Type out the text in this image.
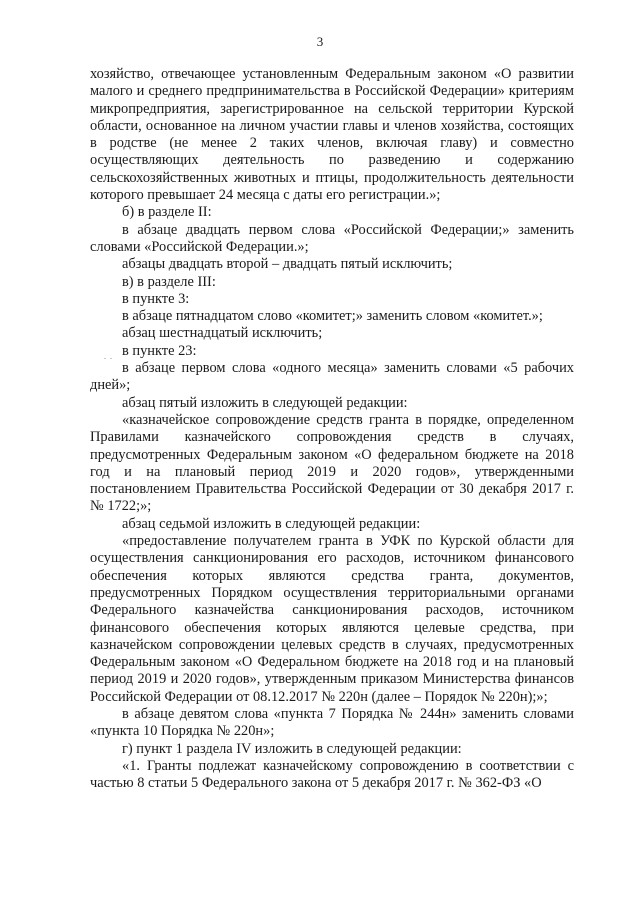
3
. .

хозяйство, отвечающее установленным Федеральным законом «О развитии малого и среднего предпринимательства в Российской Федерации» критериям микропредприятия, зарегистрированное на сельской территории Курской области, основанное на личном участии главы и членов хозяйства, состоящих в родстве (не менее 2 таких членов, включая главу) и совместно осуществляющих деятельность по разведению и содержанию сельскохозяйственных животных и птицы, продолжительность деятельности которого превышает 24 месяца с даты его регистрации.»;

б) в разделе II:

в абзаце двадцать первом слова «Российской Федерации;» заменить словами «Российской Федерации.»;

абзацы двадцать второй – двадцать пятый исключить;

в) в разделе III:

в пункте 3:

в абзаце пятнадцатом слово «комитет;» заменить словом «комитет.»;

абзац шестнадцатый исключить;

в пункте 23:

в абзаце первом слова «одного месяца» заменить словами «5 рабочих дней»;

абзац пятый изложить в следующей редакции:

«казначейское сопровождение средств гранта в порядке, определенном Правилами казначейского сопровождения средств в случаях, предусмотренных Федеральным законом «О федеральном бюджете на 2018 год и на плановый период 2019 и 2020 годов», утвержденными постановлением Правительства Российской Федерации от 30 декабря 2017 г. № 1722;»;

абзац седьмой изложить в следующей редакции:

«предоставление получателем гранта в УФК по Курской области для осуществления санкционирования его расходов, источником финансового обеспечения которых являются средства гранта, документов, предусмотренных Порядком осуществления территориальными органами Федерального казначейства санкционирования расходов, источником финансового обеспечения которых являются целевые средства, при казначейском сопровождении целевых средств в случаях, предусмотренных Федеральным законом «О Федеральном бюджете на 2018 год и на плановый период 2019 и 2020 годов», утвержденным приказом Министерства финансов Российской Федерации от 08.12.2017 № 220н (далее – Порядок № 220н);»;

в абзаце девятом слова «пункта 7 Порядка № 244н» заменить словами «пункта 10 Порядка № 220н»;

г) пункт 1 раздела IV изложить в следующей редакции:

«1. Гранты подлежат казначейскому сопровождению в соответствии с частью 8 статьи 5 Федерального закона от 5 декабря 2017 г. № 362-ФЗ «О
